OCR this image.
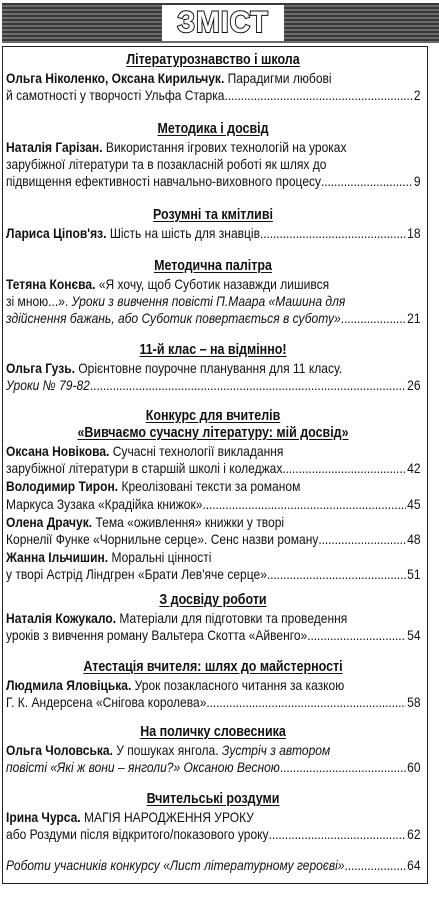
ЗМІСТ
Літературознавство і школа
Ольга Ніколенко, Оксана Кирильчук. Парадигми любові
й самотності у творчості Ульфа Старка . . .	2
Методика і досвід
Наталія Гарізан. Використання ігрових технологій на уроках
зарубіжної літератури та в позакласній роботі як шлях до
підвищення ефективності навчально-виховного процесу . . .	9
Розумні та кмітливі
Лариса Ціпов'яз. Шість на шість для знавців . . .	18
Методична палітра
Тетяна Конєва. «Я хочу, щоб Суботик назавжди лишився
зі мною...». Уроки з вивчення повісті П.Маара «Машина для
здійснення бажань, або Суботик повертається в суботу» . . .	21
11-й клас – на відмінно!
Ольга Гузь. Орієнтовне поурочне планування для 11 класу.
Уроки № 79-82 . . .	26
Конкурс для вчителів
«Вивчаємо сучасну літературу: мій досвід»
Оксана Новікова. Сучасні технології викладання
зарубіжної літератури в старшій школі і коледжах . . .	42
Володимир Тирон. Креолізовані тексти за романом
Маркуса Зузака «Крадійка книжок» . . .	45
Олена Драчук. Тема «оживлення» книжки у творі
Корнелії Функе «Чорнильне серце». Сенс назви роману . . .	48
Жанна Ільчишин. Моральні цінності
у творі Астрід Ліндгрен «Брати Лев'яче серце» . . .	51
З досвіду роботи
Наталія Кожукало. Матеріали для підготовки та проведення
уроків з вивчення роману Вальтера Скотта «Айвенго» . . .	54
Атестація вчителя: шлях до майстерності
Людмила Яловіцька. Урок позакласного читання за казкою
Г. К. Андерсена «Снігова королева» . . .	58
На поличку словесника
Ольга Чоловська. У пошуках янгола. Зустріч з автором
повісті «Які ж вони – янголи?» Оксаною Весною . . .	60
Вчительські роздуми
Ірина Чурса. МАГІЯ НАРОДЖЕННЯ УРОКУ
або Роздуми після відкритого/показового уроку . . .	62
Роботи учасників конкурсу «Лист літературному героєві» . . .	64
